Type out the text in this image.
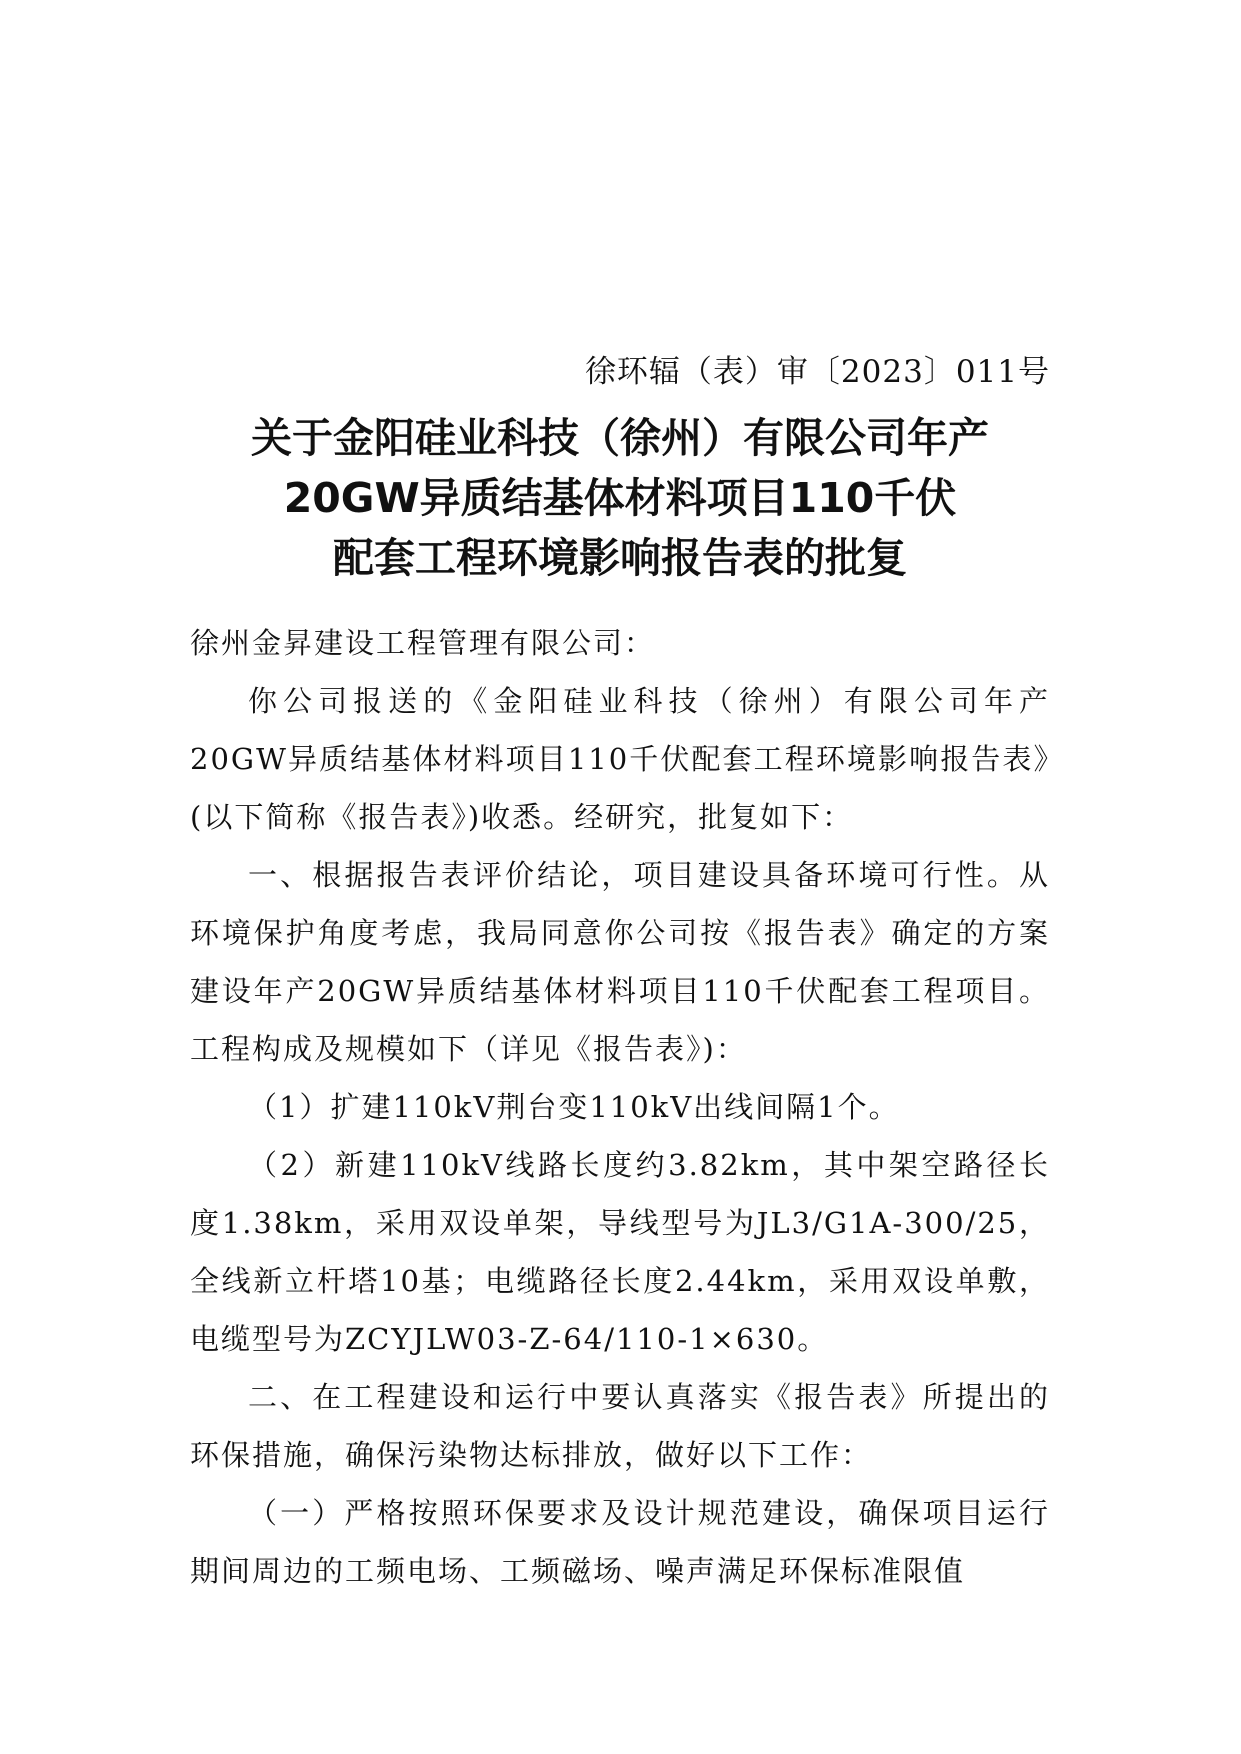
徐环辐（表）审〔2023〕011号

关于金阳硅业科技（徐州）有限公司年产
20GW异质结基体材料项目110千伏
配套工程环境影响报告表的批复

徐州金昇建设工程管理有限公司：

你公司报送的《金阳硅业科技（徐州）有限公司年产20GW异质结基体材料项目110千伏配套工程环境影响报告表》(以下简称《报告表》)收悉。经研究，批复如下：

一、根据报告表评价结论，项目建设具备环境可行性。从环境保护角度考虑，我局同意你公司按《报告表》确定的方案建设年产20GW异质结基体材料项目110千伏配套工程项目。工程构成及规模如下（详见《报告表》)：

（1）扩建110kV荆台变110kV出线间隔1个。

（2）新建110kV线路长度约3.82km，其中架空路径长度1.38km，采用双设单架，导线型号为JL3/G1A-300/25，全线新立杆塔10基；电缆路径长度2.44km，采用双设单敷，电缆型号为ZCYJLW03-Z-64/110-1×630。

二、在工程建设和运行中要认真落实《报告表》所提出的环保措施，确保污染物达标排放，做好以下工作：

（一）严格按照环保要求及设计规范建设，确保项目运行期间周边的工频电场、工频磁场、噪声满足环保标准限值
